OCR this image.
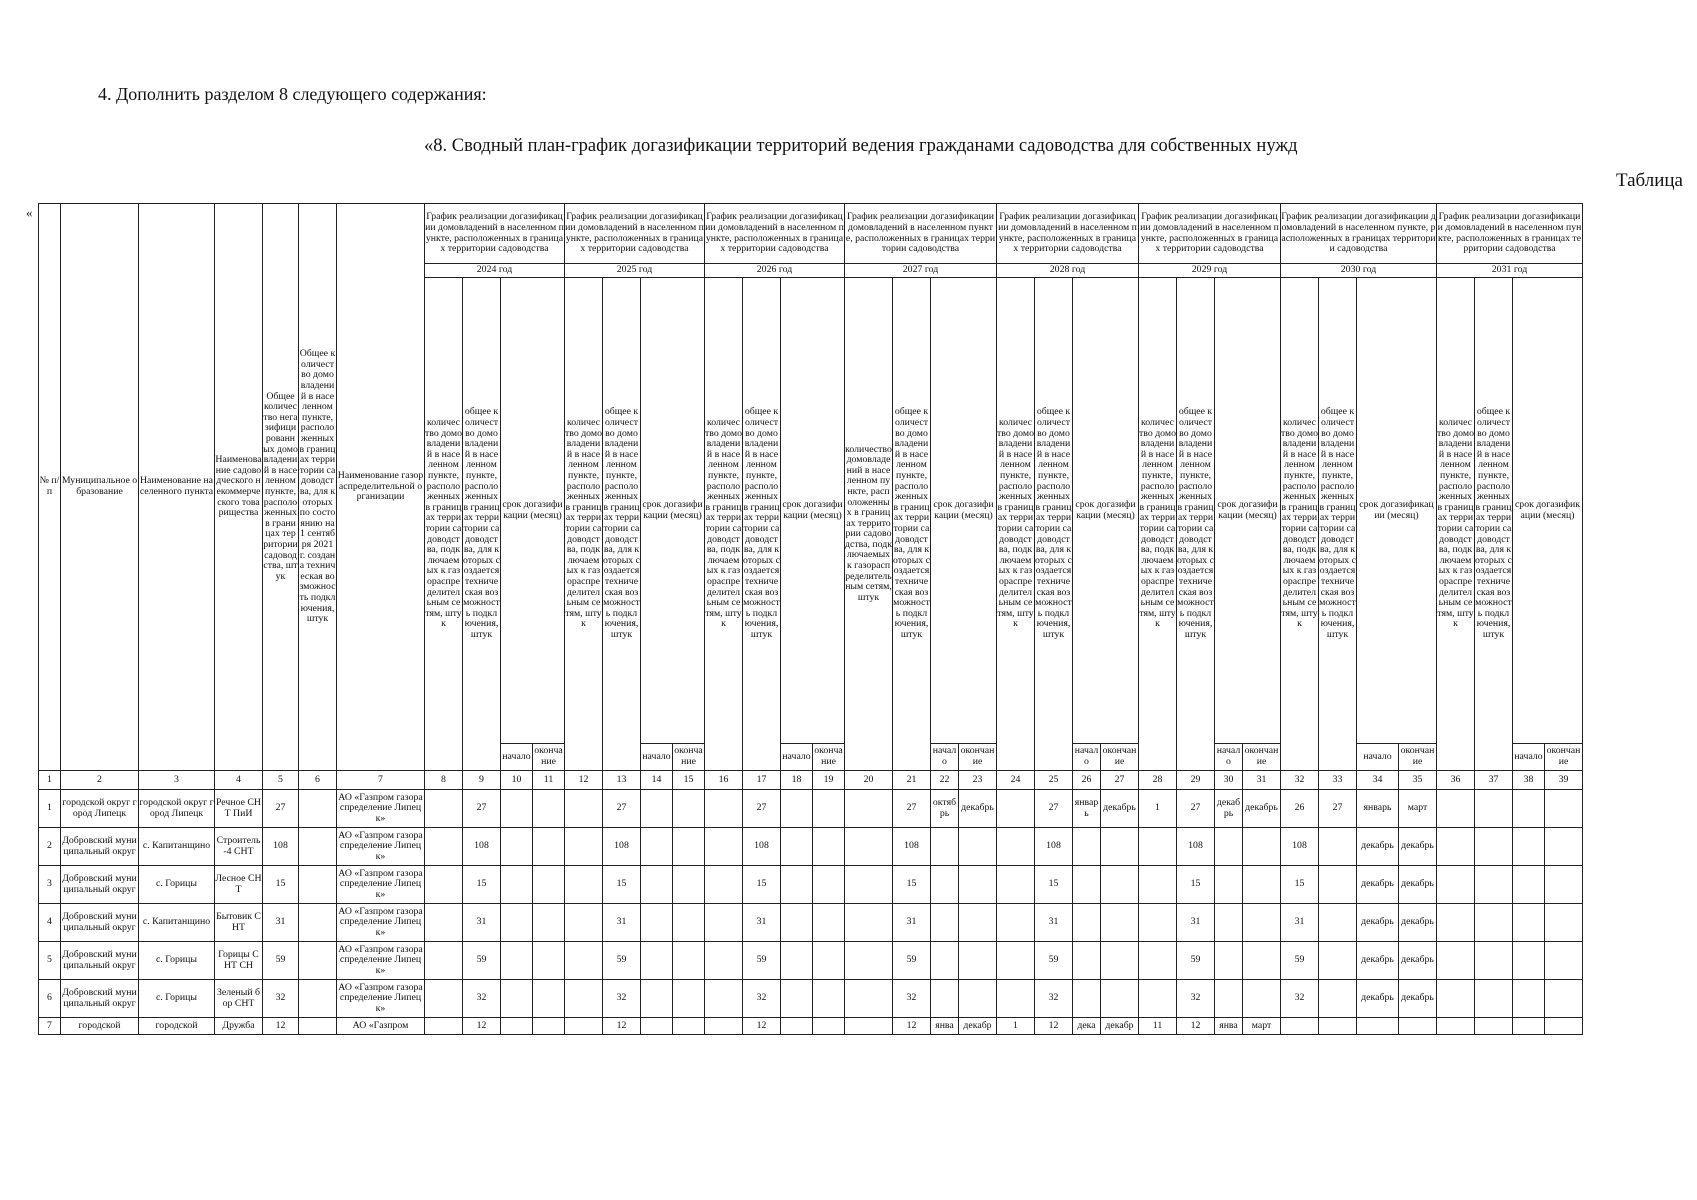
4. Дополнить разделом 8 следующего содержания:
«8. Сводный план-график догазификации территорий ведения гражданами садоводства для собственных нужд
Таблица
«
№ п/п	Муниципальное образование	Наименование населенного пункта	Наименование садоводческого некоммерческого товарищества	Общее количество негазифицированных домовладений в населенном пункте, расположенных в границах территории садоводства, штук	Общее количество домовладений в населенном пункте, расположенных в границах территории садоводства, для которых по состоянию на 1 сентября 2021 г. создана техническая возможность подключения, штук	Наименование газораспределительной организации	График реализации догазификации домовладений в населенном пункте, расположенных в границах территории садоводства				График реализации догазификации домовладений в населенном пункте, расположенных в границах территории садоводства				График реализации догазификации домовладений в населенном пункте, расположенных в границах территории садоводства				График реализации догазификации домовладений в населенном пункте, расположенных в границах территории садоводства				График реализации догазификации домовладений в населенном пункте, расположенных в границах территории садоводства				График реализации догазификации домовладений в населенном пункте, расположенных в границах территории садоводства				График реализации догазификации домовладений в населенном пункте, расположенных в границах территории садоводства				График реализации догазификации домовладений в населенном пункте, расположенных в границах территории садоводства			
							2024 год				2025 год				2026 год				2027 год				2028 год				2029 год				2030 год				2031 год			
							количество домовладений в населенном пункте, расположенных в границах территории садоводства, подключаемых к газораспределительным сетям, штук	общее количество домовладений в населенном пункте, расположенных в границах территории садоводства, для которых создается техническая возможность подключения, штук	срок догазификации (месяц)		количество домовладений в населенном пункте, расположенных в границах территории садоводства, подключаемых к газораспределительным сетям, штук	общее количество домовладений в населенном пункте, расположенных в границах территории садоводства, для которых создается техническая возможность подключения, штук	срок догазификации (месяц)		количество домовладений в населенном пункте, расположенных в границах территории садоводства, подключаемых к газораспределительным сетям, штук	общее количество домовладений в населенном пункте, расположенных в границах территории садоводства, для которых создается техническая возможность подключения, штук	срок догазификации (месяц)		количество домовладений в населенном пункте, расположенных в границах территории садоводства, подключаемых к газораспределительным сетям, штук	общее количество домовладений в населенном пункте, расположенных в границах территории садоводства, для которых создается техническая возможность подключения, штук	срок догазификации (месяц)		количество домовладений в населенном пункте, расположенных в границах территории садоводства, подключаемых к газораспределительным сетям, штук	общее количество домовладений в населенном пункте, расположенных в границах территории садоводства, для которых создается техническая возможность подключения, штук	срок догазификации (месяц)		количество домовладений в населенном пункте, расположенных в границах территории садоводства, подключаемых к газораспределительным сетям, штук	общее количество домовладений в населенном пункте, расположенных в границах территории садоводства, для которых создается техническая возможность подключения, штук	срок догазификации (месяц)		количество домовладений в населенном пункте, расположенных в границах территории садоводства, подключаемых к газораспределительным сетям, штук	общее количество домовладений в населенном пункте, расположенных в границах территории садоводства, для которых создается техническая возможность подключения, штук	срок догазификации (месяц)		количество домовладений в населенном пункте, расположенных в границах территории садоводства, подключаемых к газораспределительным сетям, штук	общее количество домовладений в населенном пункте, расположенных в границах территории садоводства, для которых создается техническая возможность подключения, штук	срок догазификации (месяц)	
									начало	окончание			начало	окончание			начало	окончание			начало	окончание			начало	окончание			начало	окончание			начало	окончание			начало	окончание
1	2	3	4	5	6	7	8	9	10	11	12	13	14	15	16	17	18	19	20	21	22	23	24	25	26	27	28	29	30	31	32	33	34	35	36	37	38	39
1	городской округ город Липецк	городской округ город Липецк	Речное СНТ ПиИ	27		АО «Газпром газораспределение Липецк»		27				27				27				27	октябрь	декабрь		27	январь	декабрь	1	27	декабрь	декабрь	26	27	январь	март				
2	Добровский муниципальный округ	с. Капитанщино	Строитель-4 СНТ	108		АО «Газпром газораспределение Липецк»		108				108				108				108				108				108			108		декабрь	декабрь				
3	Добровский муниципальный округ	с. Горицы	Лесное СНТ	15		АО «Газпром газораспределение Липецк»		15				15				15				15				15				15			15		декабрь	декабрь				
4	Добровский муниципальный округ	с. Капитанщино	Бытовик СНТ	31		АО «Газпром газораспределение Липецк»		31				31				31				31				31				31			31		декабрь	декабрь				
5	Добровский муниципальный округ	с. Горицы	Горицы СНТ СН	59		АО «Газпром газораспределение Липецк»		59				59				59				59				59				59			59		декабрь	декабрь				
6	Добровский муниципальный округ	с. Горицы	Зеленый бор СНТ	32		АО «Газпром газораспределение Липецк»		32				32				32				32				32				32			32		декабрь	декабрь				
7	городской	городской	Дружба	12		АО «Газпром		12				12				12				12	янва	декабр	1	12	дека	декабр	11	12	янва	март								
